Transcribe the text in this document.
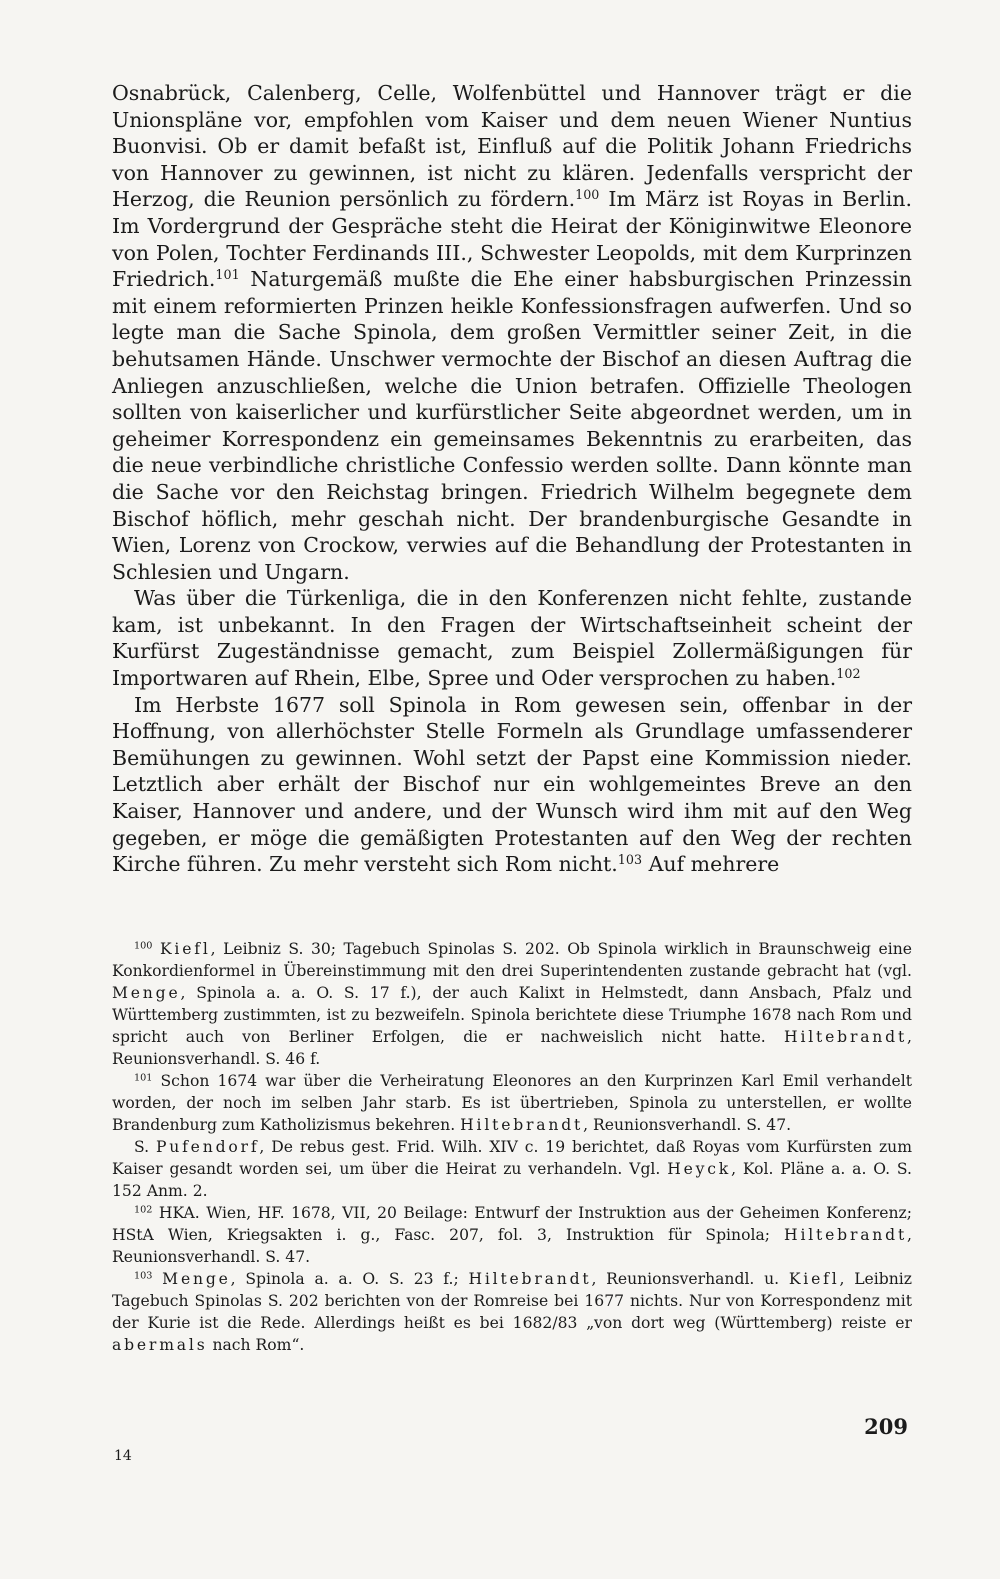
Osnabrück, Calenberg, Celle, Wolfenbüttel und Hannover trägt er die Unionspläne vor, empfohlen vom Kaiser und dem neuen Wiener Nuntius Buonvisi. Ob er damit befaßt ist, Einfluß auf die Politik Johann Friedrichs von Hannover zu gewinnen, ist nicht zu klären. Jedenfalls verspricht der Herzog, die Reunion persönlich zu fördern.$^{100}$ Im März ist Royas in Berlin. Im Vordergrund der Gespräche steht die Heirat der Königinwitwe Eleonore von Polen, Tochter Ferdinands III., Schwester Leopolds, mit dem Kurprinzen Friedrich.$^{101}$ Naturgemäß mußte die Ehe einer habsburgischen Prinzessin mit einem reformierten Prinzen heikle Konfessionsfragen aufwerfen. Und so legte man die Sache Spinola, dem großen Vermittler seiner Zeit, in die behutsamen Hände. Unschwer vermochte der Bischof an diesen Auftrag die Anliegen anzuschließen, welche die Union betrafen. Offizielle Theologen sollten von kaiserlicher und kurfürstlicher Seite abgeordnet werden, um in geheimer Korrespondenz ein gemeinsames Bekenntnis zu erarbeiten, das die neue verbindliche christliche Confessio werden sollte. Dann könnte man die Sache vor den Reichstag bringen. Friedrich Wilhelm begegnete dem Bischof höflich, mehr geschah nicht. Der brandenburgische Gesandte in Wien, Lorenz von Crockow, verwies auf die Behandlung der Protestanten in Schlesien und Ungarn.

Was über die Türkenliga, die in den Konferenzen nicht fehlte, zustande kam, ist unbekannt. In den Fragen der Wirtschaftseinheit scheint der Kurfürst Zugeständnisse gemacht, zum Beispiel Zollermäßigungen für Importwaren auf Rhein, Elbe, Spree und Oder versprochen zu haben.$^{102}$

Im Herbste 1677 soll Spinola in Rom gewesen sein, offenbar in der Hoffnung, von allerhöchster Stelle Formeln als Grundlage umfassenderer Bemühungen zu gewinnen. Wohl setzt der Papst eine Kommission nieder. Letztlich aber erhält der Bischof nur ein wohlgemeintes Breve an den Kaiser, Hannover und andere, und der Wunsch wird ihm mit auf den Weg gegeben, er möge die gemäßigten Protestanten auf den Weg der rechten Kirche führen. Zu mehr versteht sich Rom nicht.$^{103}$ Auf mehrere

$^{100}$ Kiefl, Leibniz S. 30; Tagebuch Spinolas S. 202. Ob Spinola wirklich in Braunschweig eine Konkordienformel in Übereinstimmung mit den drei Superintendenten zustande gebracht hat (vgl. Menge, Spinola a. a. O. S. 17 f.), der auch Kalixt in Helmstedt, dann Ansbach, Pfalz und Württemberg zustimmten, ist zu bezweifeln. Spinola berichtete diese Triumphe 1678 nach Rom und spricht auch von Berliner Erfolgen, die er nachweislich nicht hatte. Hiltebrandt, Reunionsverhandl. S. 46 f.

$^{101}$ Schon 1674 war über die Verheiratung Eleonores an den Kurprinzen Karl Emil verhandelt worden, der noch im selben Jahr starb. Es ist übertrieben, Spinola zu unterstellen, er wollte Brandenburg zum Katholizismus bekehren. Hiltebrandt, Reunionsverhandl. S. 47.

S. Pufendorf, De rebus gest. Frid. Wilh. XIV c. 19 berichtet, daß Royas vom Kurfürsten zum Kaiser gesandt worden sei, um über die Heirat zu verhandeln. Vgl. Heyck, Kol. Pläne a. a. O. S. 152 Anm. 2.

$^{102}$ HKA. Wien, HF. 1678, VII, 20 Beilage: Entwurf der Instruktion aus der Geheimen Konferenz; HStA Wien, Kriegsakten i. g., Fasc. 207, fol. 3, Instruktion für Spinola; Hiltebrandt, Reunionsverhandl. S. 47.

$^{103}$ Menge, Spinola a. a. O. S. 23 f.; Hiltebrandt, Reunionsverhandl. u. Kiefl, Leibniz Tagebuch Spinolas S. 202 berichten von der Romreise bei 1677 nichts. Nur von Korrespondenz mit der Kurie ist die Rede. Allerdings heißt es bei 1682/83 „von dort weg (Württemberg) reiste er abermals nach Rom“.

209
14
